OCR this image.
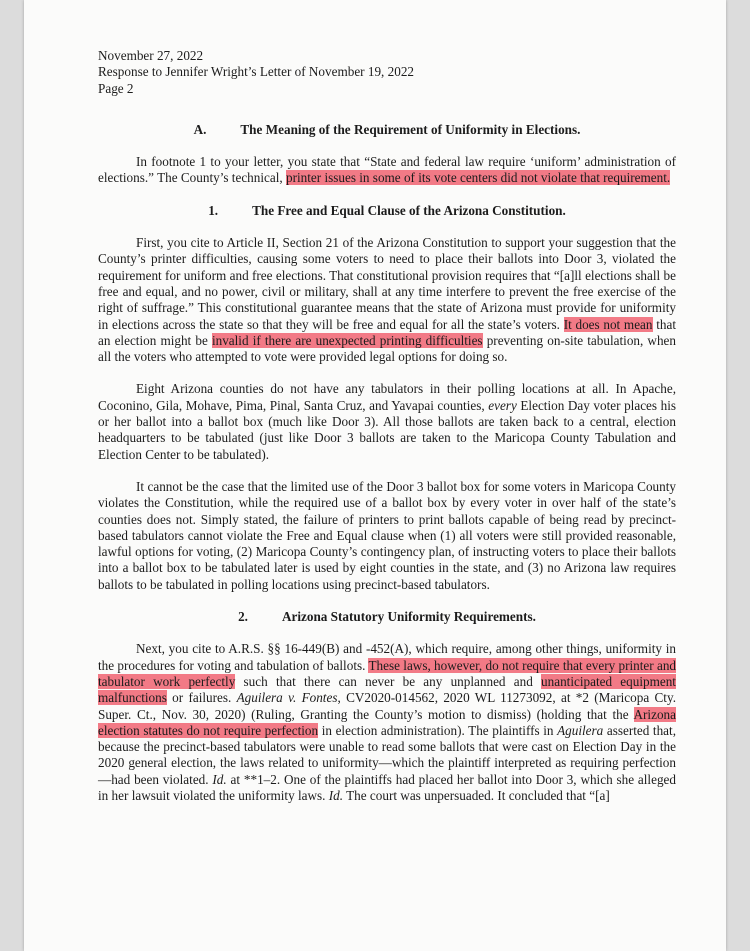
November 27, 2022

Response to Jennifer Wright’s Letter of November 19, 2022

Page 2

A.	The Meaning of the Requirement of Uniformity in Elections.

In footnote 1 to your letter, you state that “State and federal law require ‘uniform’ administration of elections.” The County’s technical, printer issues in some of its vote centers did not violate that requirement.

1.	The Free and Equal Clause of the Arizona Constitution.

First, you cite to Article II, Section 21 of the Arizona Constitution to support your suggestion that the County’s printer difficulties, causing some voters to need to place their ballots into Door 3, violated the requirement for uniform and free elections. That constitutional provision requires that “[a]ll elections shall be free and equal, and no power, civil or military, shall at any time interfere to prevent the free exercise of the right of suffrage.” This constitutional guarantee means that the state of Arizona must provide for uniformity in elections across the state so that they will be free and equal for all the state’s voters. It does not mean that an election might be invalid if there are unexpected printing difficulties preventing on-site tabulation, when all the voters who attempted to vote were provided legal options for doing so.

Eight Arizona counties do not have any tabulators in their polling locations at all. In Apache, Coconino, Gila, Mohave, Pima, Pinal, Santa Cruz, and Yavapai counties, every Election Day voter places his or her ballot into a ballot box (much like Door 3). All those ballots are taken back to a central, election headquarters to be tabulated (just like Door 3 ballots are taken to the Maricopa County Tabulation and Election Center to be tabulated).

It cannot be the case that the limited use of the Door 3 ballot box for some voters in Maricopa County violates the Constitution, while the required use of a ballot box by every voter in over half of the state’s counties does not. Simply stated, the failure of printers to print ballots capable of being read by precinct-based tabulators cannot violate the Free and Equal clause when (1) all voters were still provided reasonable, lawful options for voting, (2) Maricopa County’s contingency plan, of instructing voters to place their ballots into a ballot box to be tabulated later is used by eight counties in the state, and (3) no Arizona law requires ballots to be tabulated in polling locations using precinct-based tabulators.

2.	Arizona Statutory Uniformity Requirements.

Next, you cite to A.R.S. §§ 16-449(B) and -452(A), which require, among other things, uniformity in the procedures for voting and tabulation of ballots. These laws, however, do not require that every printer and tabulator work perfectly such that there can never be any unplanned and unanticipated equipment malfunctions or failures. Aguilera v. Fontes, CV2020-014562, 2020 WL 11273092, at *2 (Maricopa Cty. Super. Ct., Nov. 30, 2020) (Ruling, Granting the County’s motion to dismiss) (holding that the Arizona election statutes do not require perfection in election administration). The plaintiffs in Aguilera asserted that, because the precinct-based tabulators were unable to read some ballots that were cast on Election Day in the 2020 general election, the laws related to uniformity—which the plaintiff interpreted as requiring perfection—had been violated. Id. at **1–2. One of the plaintiffs had placed her ballot into Door 3, which she alleged in her lawsuit violated the uniformity laws. Id. The court was unpersuaded. It concluded that “[a]
